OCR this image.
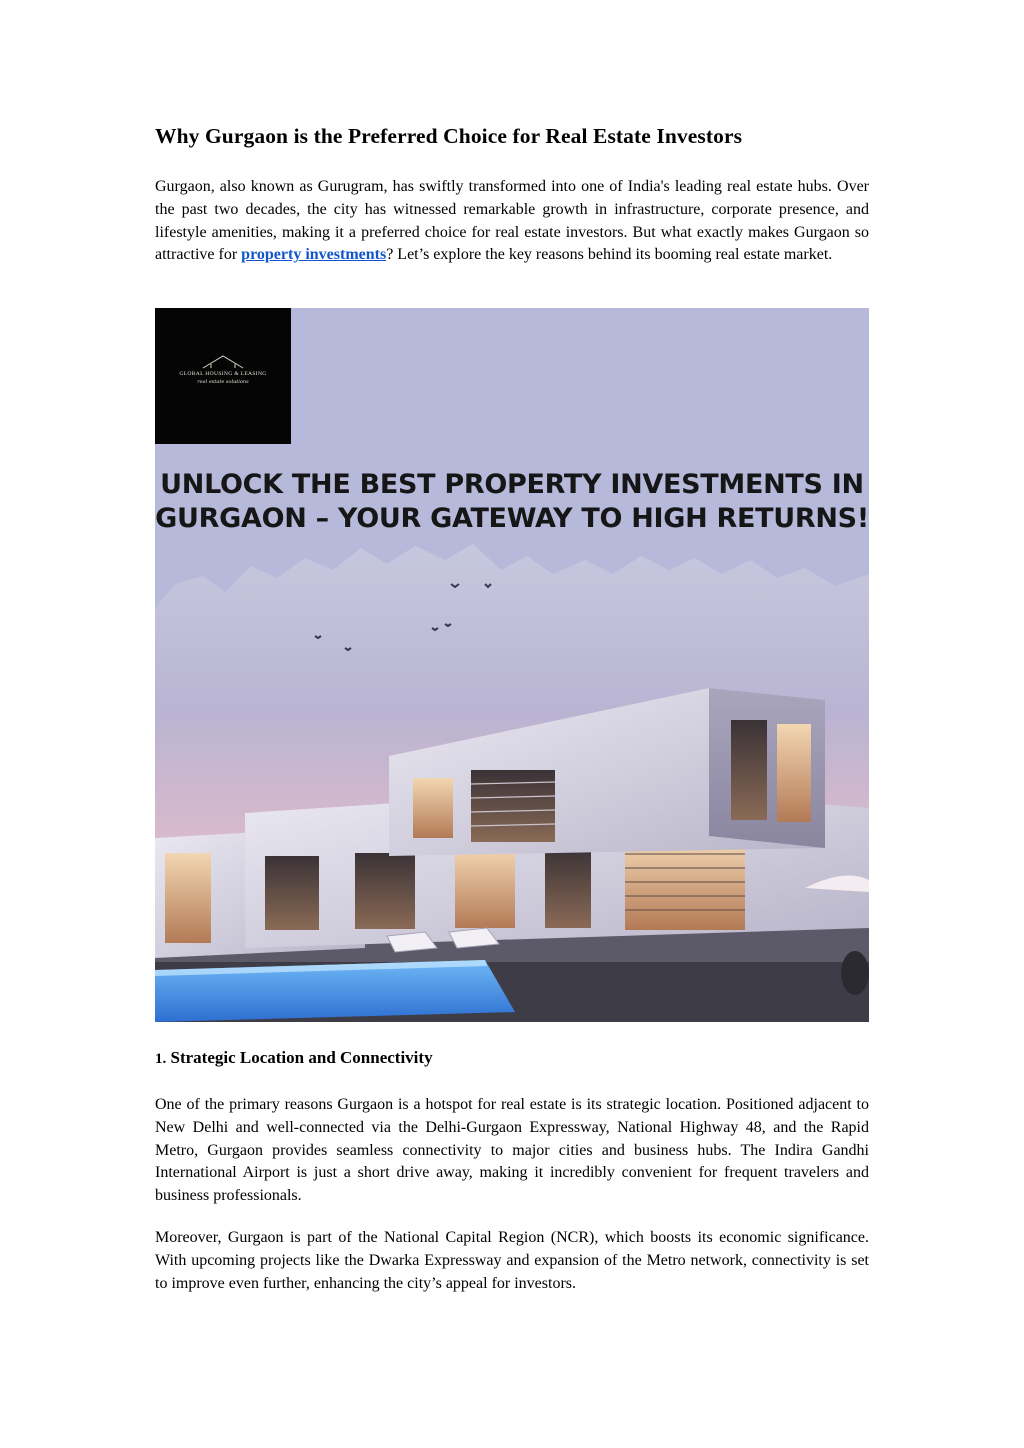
Why Gurgaon is the Preferred Choice for Real Estate Investors

Gurgaon, also known as Gurugram, has swiftly transformed into one of India's leading real estate hubs. Over the past two decades, the city has witnessed remarkable growth in infrastructure, corporate presence, and lifestyle amenities, making it a preferred choice for real estate investors. But what exactly makes Gurgaon so attractive for property investments? Let’s explore the key reasons behind its booming real estate market.

1. Strategic Location and Connectivity

One of the primary reasons Gurgaon is a hotspot for real estate is its strategic location. Positioned adjacent to New Delhi and well-connected via the Delhi-Gurgaon Expressway, National Highway 48, and the Rapid Metro, Gurgaon provides seamless connectivity to major cities and business hubs. The Indira Gandhi International Airport is just a short drive away, making it incredibly convenient for frequent travelers and business professionals.

Moreover, Gurgaon is part of the National Capital Region (NCR), which boosts its economic significance. With upcoming projects like the Dwarka Expressway and expansion of the Metro network, connectivity is set to improve even further, enhancing the city’s appeal for investors.

GLOBAL HOUSING & LEASING
real estate solutions
UNLOCK THE BEST PROPERTY INVESTMENTS IN GURGAON – YOUR GATEWAY TO HIGH RETURNS!
